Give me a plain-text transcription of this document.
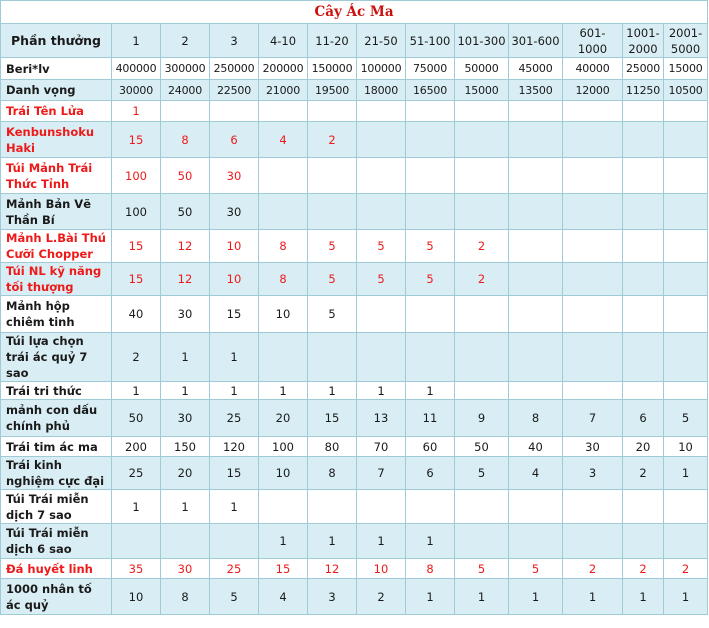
Cây Ác Ma												
Phần thưởng	1	2	3	4-10	11-20	21-50	51-100	101-300	301-600	601-1000	1001-2000	2001-5000
Beri*lv	400000	300000	250000	200000	150000	100000	75000	50000	45000	40000	25000	15000
Danh vọng	30000	24000	22500	21000	19500	18000	16500	15000	13500	12000	11250	10500
Trái Tên Lửa	1											
Kenbunshoku Haki	15	8	6	4	2							
Túi Mảnh Trái Thức Tỉnh	100	50	30									
Mảnh Bản Vẽ Thần Bí	100	50	30									
Mảnh L.Bài Thú Cưỡi Chopper	15	12	10	8	5	5	5	2				
Túi NL kỹ năng tối thượng	15	12	10	8	5	5	5	2				
Mảnh hộp chiêm tinh	40	30	15	10	5							
Túi lựa chọn trái ác quỷ 7 sao	2	1	1									
Trái tri thức	1	1	1	1	1	1	1					
mảnh con dấu chính phủ	50	30	25	20	15	13	11	9	8	7	6	5
Trái tim ác ma	200	150	120	100	80	70	60	50	40	30	20	10
Trái kinh nghiệm cực đại	25	20	15	10	8	7	6	5	4	3	2	1
Túi Trái miễn dịch 7 sao	1	1	1									
Túi Trái miễn dịch 6 sao				1	1	1	1					
Đá huyết linh	35	30	25	15	12	10	8	5	5	2	2	2
1000 nhân tố ác quỷ	10	8	5	4	3	2	1	1	1	1	1	1
